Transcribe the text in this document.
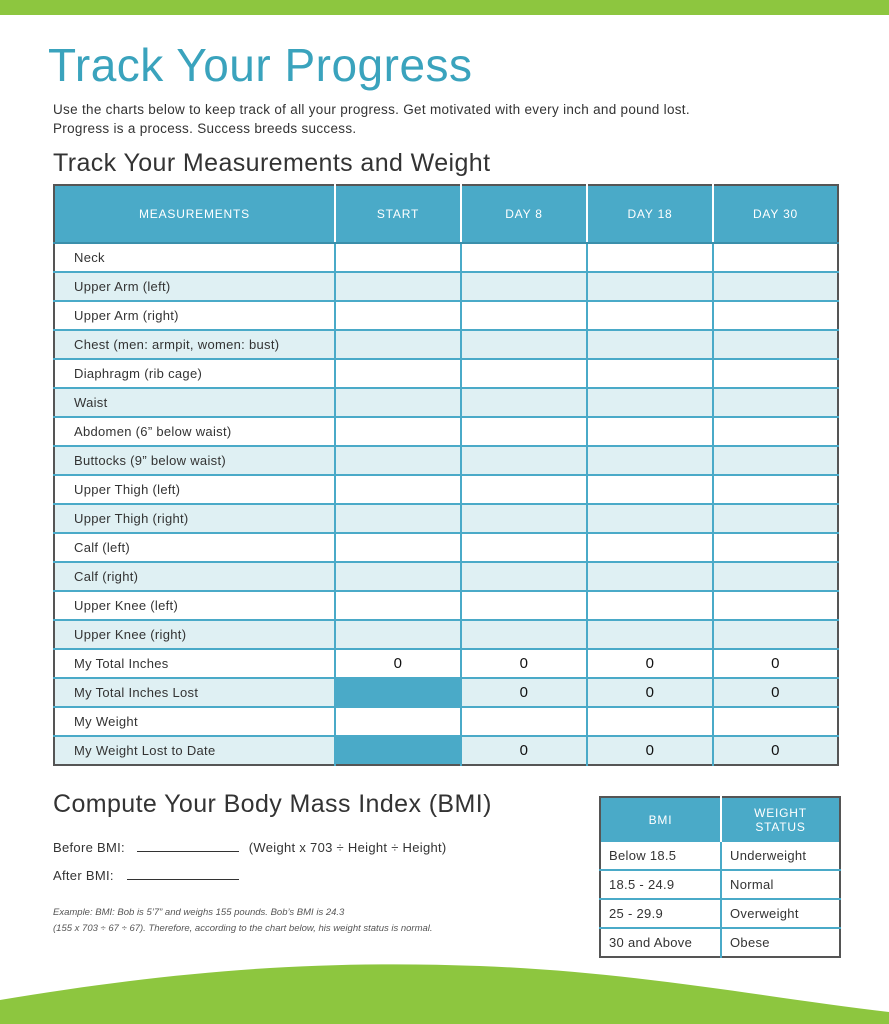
Track Your Progress

Use the charts below to keep track of all your progress. Get motivated with every inch and pound lost. Progress is a process. Success breeds success.

Track Your Measurements and Weight
MEASUREMENTS	START	DAY 8	DAY 18	DAY 30
Neck				
Upper Arm (left)				
Upper Arm (right)				
Chest (men: armpit, women: bust)				
Diaphragm (rib cage)				
Waist				
Abdomen (6” below waist)				
Buttocks (9” below waist)				
Upper Thigh (left)				
Upper Thigh (right)				
Calf (left)				
Calf (right)				
Upper Knee (left)				
Upper Knee (right)				
My Total Inches	0	0	0	0
My Total Inches Lost		0	0	0
My Weight				
My Weight Lost to Date		0	0	0
Compute Your Body Mass Index (BMI)
Before BMI:	(Weight x 703 ÷ Height ÷ Height)
After BMI:

Example: BMI: Bob is 5’7” and weighs 155 pounds. Bob’s BMI is 24.3
(155 x 703 ÷ 67 ÷ 67). Therefore, according to the chart below, his weight status is normal.

BMI	WEIGHT STATUS
Below 18.5	Underweight
18.5 - 24.9	Normal
25 - 29.9	Overweight
30 and Above	Obese
